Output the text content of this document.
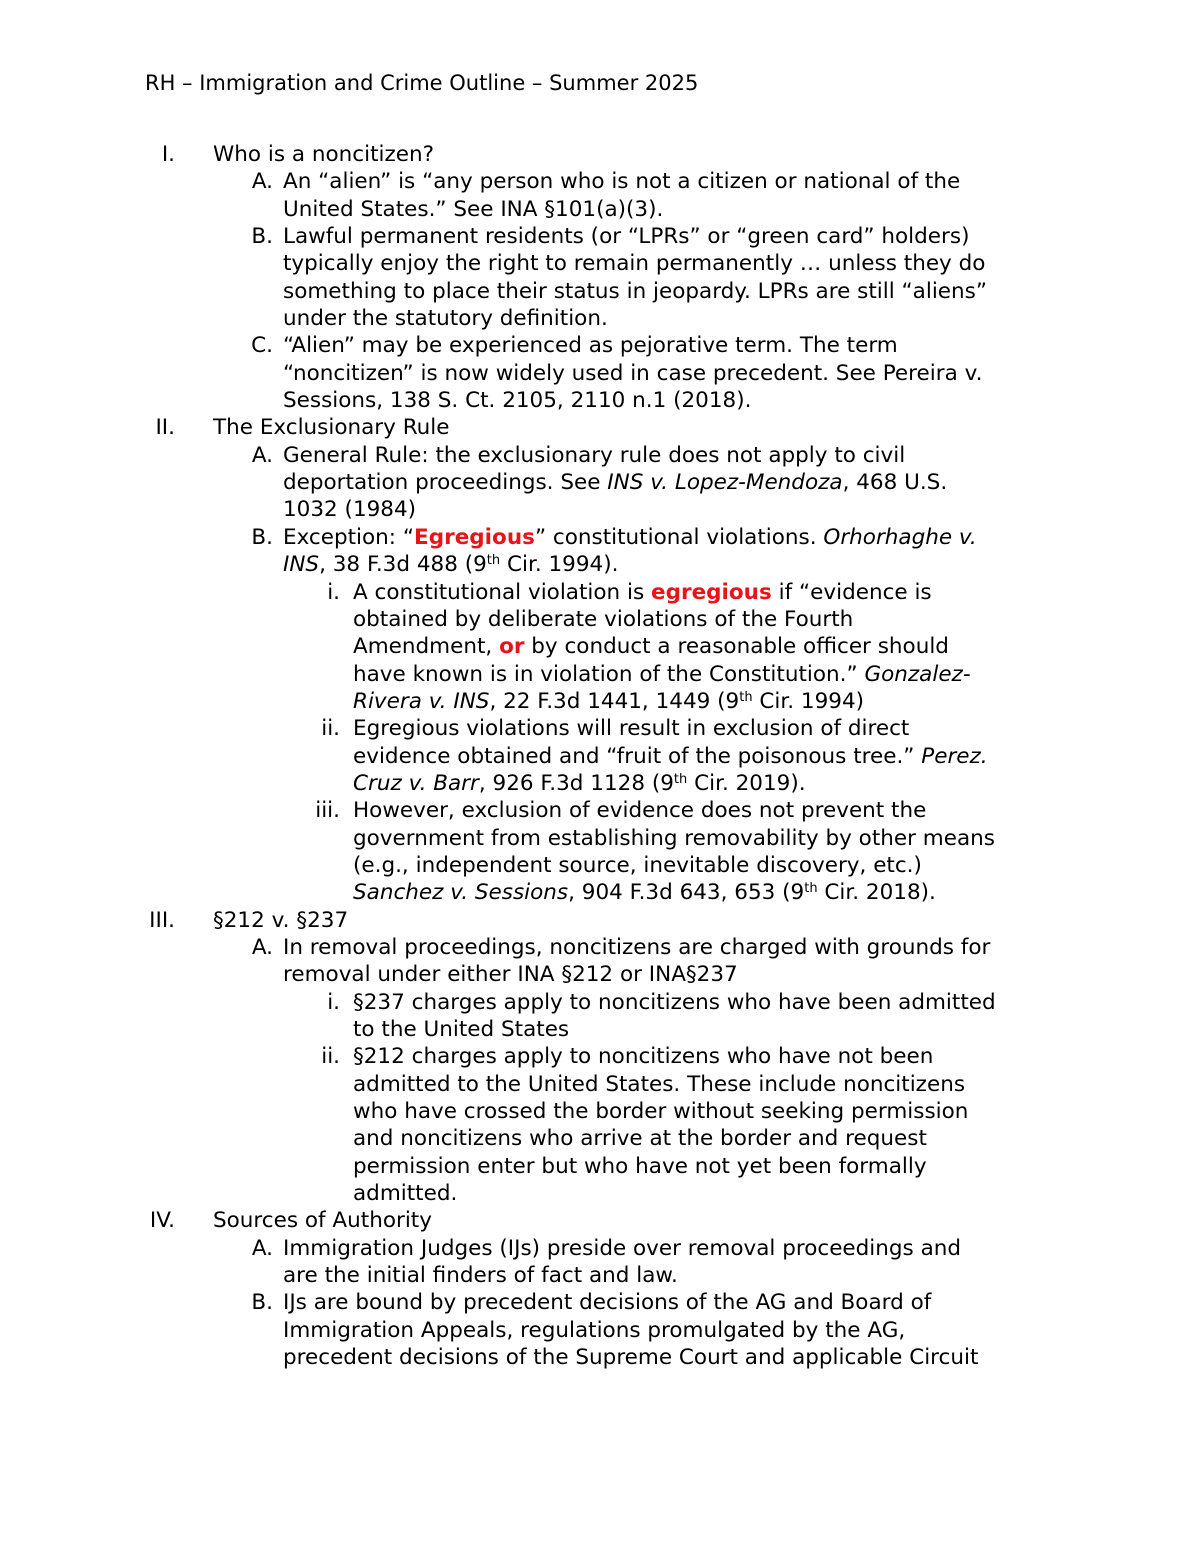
RH – Immigration and Crime Outline – Summer 2025
I. Who is a noncitizen?
A. An “alien” is “any person who is not a citizen or national of the
United States.” See INA §101(a)(3).
B. Lawful permanent residents (or “LPRs” or “green card” holders)
typically enjoy the right to remain permanently … unless they do
something to place their status in jeopardy. LPRs are still “aliens”
under the statutory definition.
C. “Alien” may be experienced as pejorative term. The term
“noncitizen” is now widely used in case precedent. See Pereira v.
Sessions, 138 S. Ct. 2105, 2110 n.1 (2018).
II. The Exclusionary Rule
A. General Rule: the exclusionary rule does not apply to civil
deportation proceedings. See INS v. Lopez-Mendoza, 468 U.S.
1032 (1984)
B. Exception: “Egregious” constitutional violations. Orhorhaghe v.
INS, 38 F.3d 488 (9th Cir. 1994).
i. A constitutional violation is egregious if “evidence is
obtained by deliberate violations of the Fourth
Amendment, or by conduct a reasonable officer should
have known is in violation of the Constitution.” Gonzalez-
Rivera v. INS, 22 F.3d 1441, 1449 (9th Cir. 1994)
ii. Egregious violations will result in exclusion of direct
evidence obtained and “fruit of the poisonous tree.” Perez.
Cruz v. Barr, 926 F.3d 1128 (9th Cir. 2019).
iii. However, exclusion of evidence does not prevent the
government from establishing removability by other means
(e.g., independent source, inevitable discovery, etc.)
Sanchez v. Sessions, 904 F.3d 643, 653 (9th Cir. 2018).
III. §212 v. §237
A. In removal proceedings, noncitizens are charged with grounds for
removal under either INA §212 or INA§237
i. §237 charges apply to noncitizens who have been admitted
to the United States
ii. §212 charges apply to noncitizens who have not been
admitted to the United States. These include noncitizens
who have crossed the border without seeking permission
and noncitizens who arrive at the border and request
permission enter but who have not yet been formally
admitted.
IV. Sources of Authority
A. Immigration Judges (IJs) preside over removal proceedings and
are the initial finders of fact and law.
B. IJs are bound by precedent decisions of the AG and Board of
Immigration Appeals, regulations promulgated by the AG,
precedent decisions of the Supreme Court and applicable Circuit
